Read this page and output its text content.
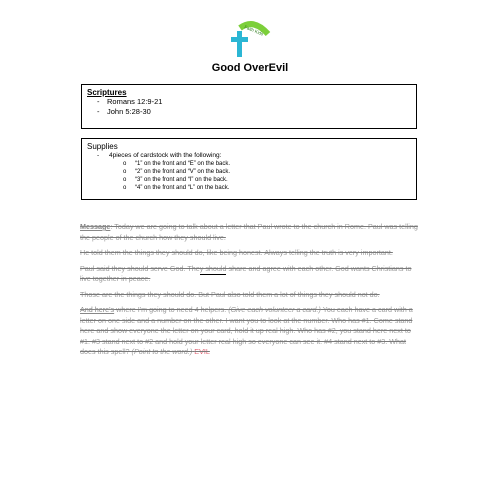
Faith Kids
Good OverEvil
Scriptures
- Romans 12:9-21
- John 5:28-30
Supplies
- 4pieces of cardstock with the following:
o “1” on the front and “E” on the back.
o “2” on the front and “V” on the back.
o “3” on the front and “I” on the back.
o “4” on the front and “L” on the back.

Message: Today we are going to talk about a letter that Paul wrote to the church in Rome. Paul was telling the people of the church how they should live.

He told them the things they should do, like being honest. Always telling the truth is very important.

Paul said they should serve God. They should share and agree with each other. God wants Christians to live together in peace.

Those are the things they should do. But Paul also told them a lot of things they should not do.

And here's where I'm going to need 4 helpers. (Give each volunteer a card.) You each have a card with a letter on one side and a number on the other. I want you to look at the number. Who has #1. Come stand here and show everyone the letter on your card, hold it up real high. Who has #2, you stand here next to #1. #3 stand next to #2 and hold your letter real high so everyone can see it. #4 stand next to #3. What does this spell? (Point to the word.) EVIL
